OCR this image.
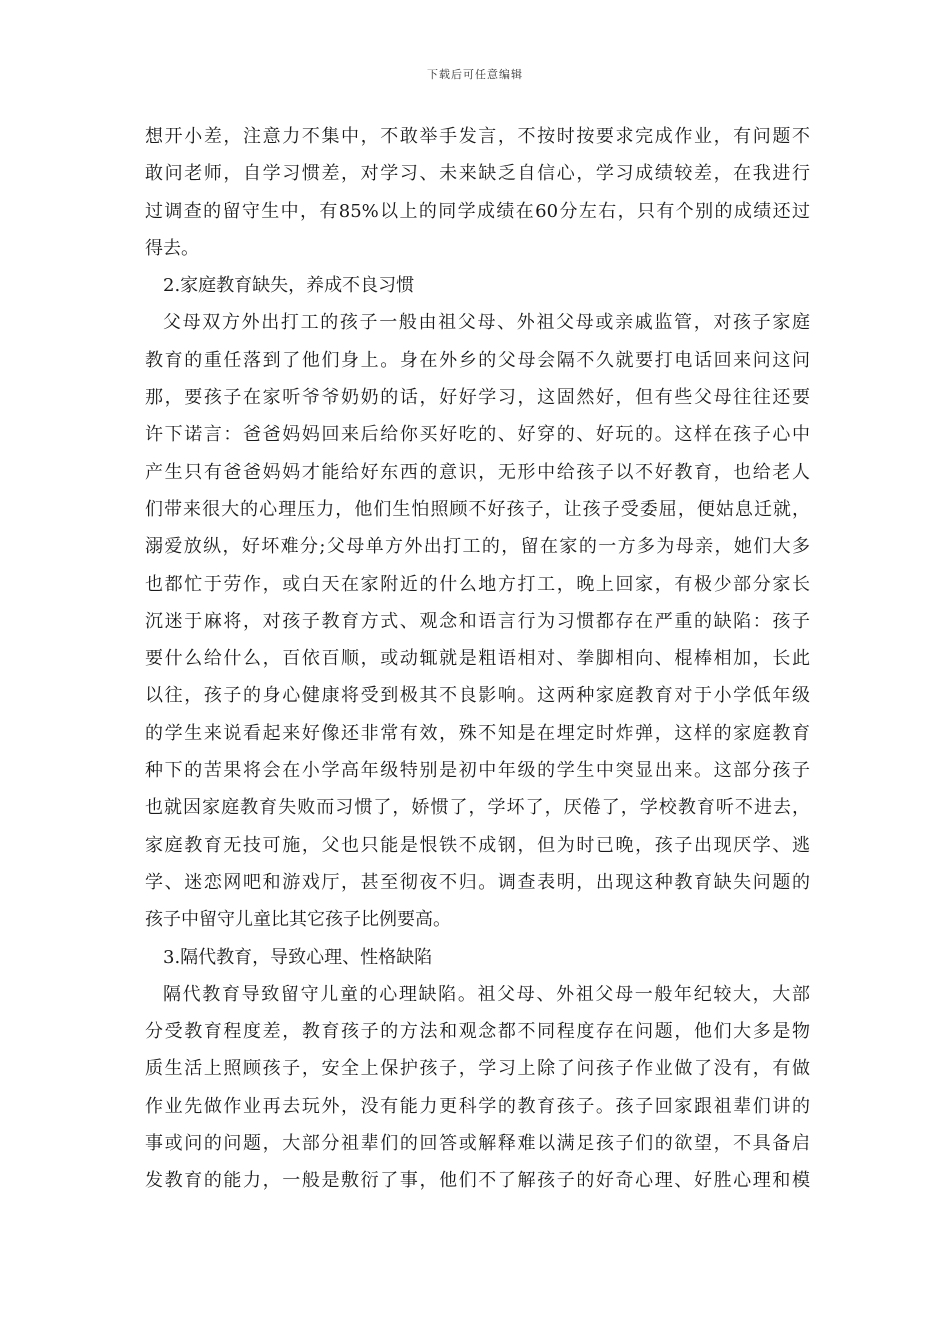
下载后可任意编辑
想开小差，注意力不集中，不敢举手发言，不按时按要求完成作业，有问题不
敢问老师，自学习惯差，对学习、未来缺乏自信心，学习成绩较差，在我进行
过调查的留守生中，有85%以上的同学成绩在60分左右，只有个别的成绩还过
得去。
2.家庭教育缺失，养成不良习惯
父母双方外出打工的孩子一般由祖父母、外祖父母或亲戚监管，对孩子家庭
教育的重任落到了他们身上。身在外乡的父母会隔不久就要打电话回来问这问
那，要孩子在家听爷爷奶奶的话，好好学习，这固然好，但有些父母往往还要
许下诺言：爸爸妈妈回来后给你买好吃的、好穿的、好玩的。这样在孩子心中
产生只有爸爸妈妈才能给好东西的意识，无形中给孩子以不好教育，也给老人
们带来很大的心理压力，他们生怕照顾不好孩子，让孩子受委屈，便姑息迁就，
溺爱放纵，好坏难分;父母单方外出打工的，留在家的一方多为母亲，她们大多
也都忙于劳作，或白天在家附近的什么地方打工，晚上回家，有极少部分家长
沉迷于麻将，对孩子教育方式、观念和语言行为习惯都存在严重的缺陷：孩子
要什么给什么，百依百顺，或动辄就是粗语相对、拳脚相向、棍棒相加，长此
以往，孩子的身心健康将受到极其不良影响。这两种家庭教育对于小学低年级
的学生来说看起来好像还非常有效，殊不知是在埋定时炸弹，这样的家庭教育
种下的苦果将会在小学高年级特别是初中年级的学生中突显出来。这部分孩子
也就因家庭教育失败而习惯了，娇惯了，学坏了，厌倦了，学校教育听不进去，
家庭教育无技可施，父也只能是恨铁不成钢，但为时已晚，孩子出现厌学、逃
学、迷恋网吧和游戏厅，甚至彻夜不归。调查表明，出现这种教育缺失问题的
孩子中留守儿童比其它孩子比例要高。
3.隔代教育，导致心理、性格缺陷
隔代教育导致留守儿童的心理缺陷。祖父母、外祖父母一般年纪较大，大部
分受教育程度差，教育孩子的方法和观念都不同程度存在问题，他们大多是物
质生活上照顾孩子，安全上保护孩子，学习上除了问孩子作业做了没有，有做
作业先做作业再去玩外，没有能力更科学的教育孩子。孩子回家跟祖辈们讲的
事或问的问题，大部分祖辈们的回答或解释难以满足孩子们的欲望，不具备启
发教育的能力，一般是敷衍了事，他们不了解孩子的好奇心理、好胜心理和模
